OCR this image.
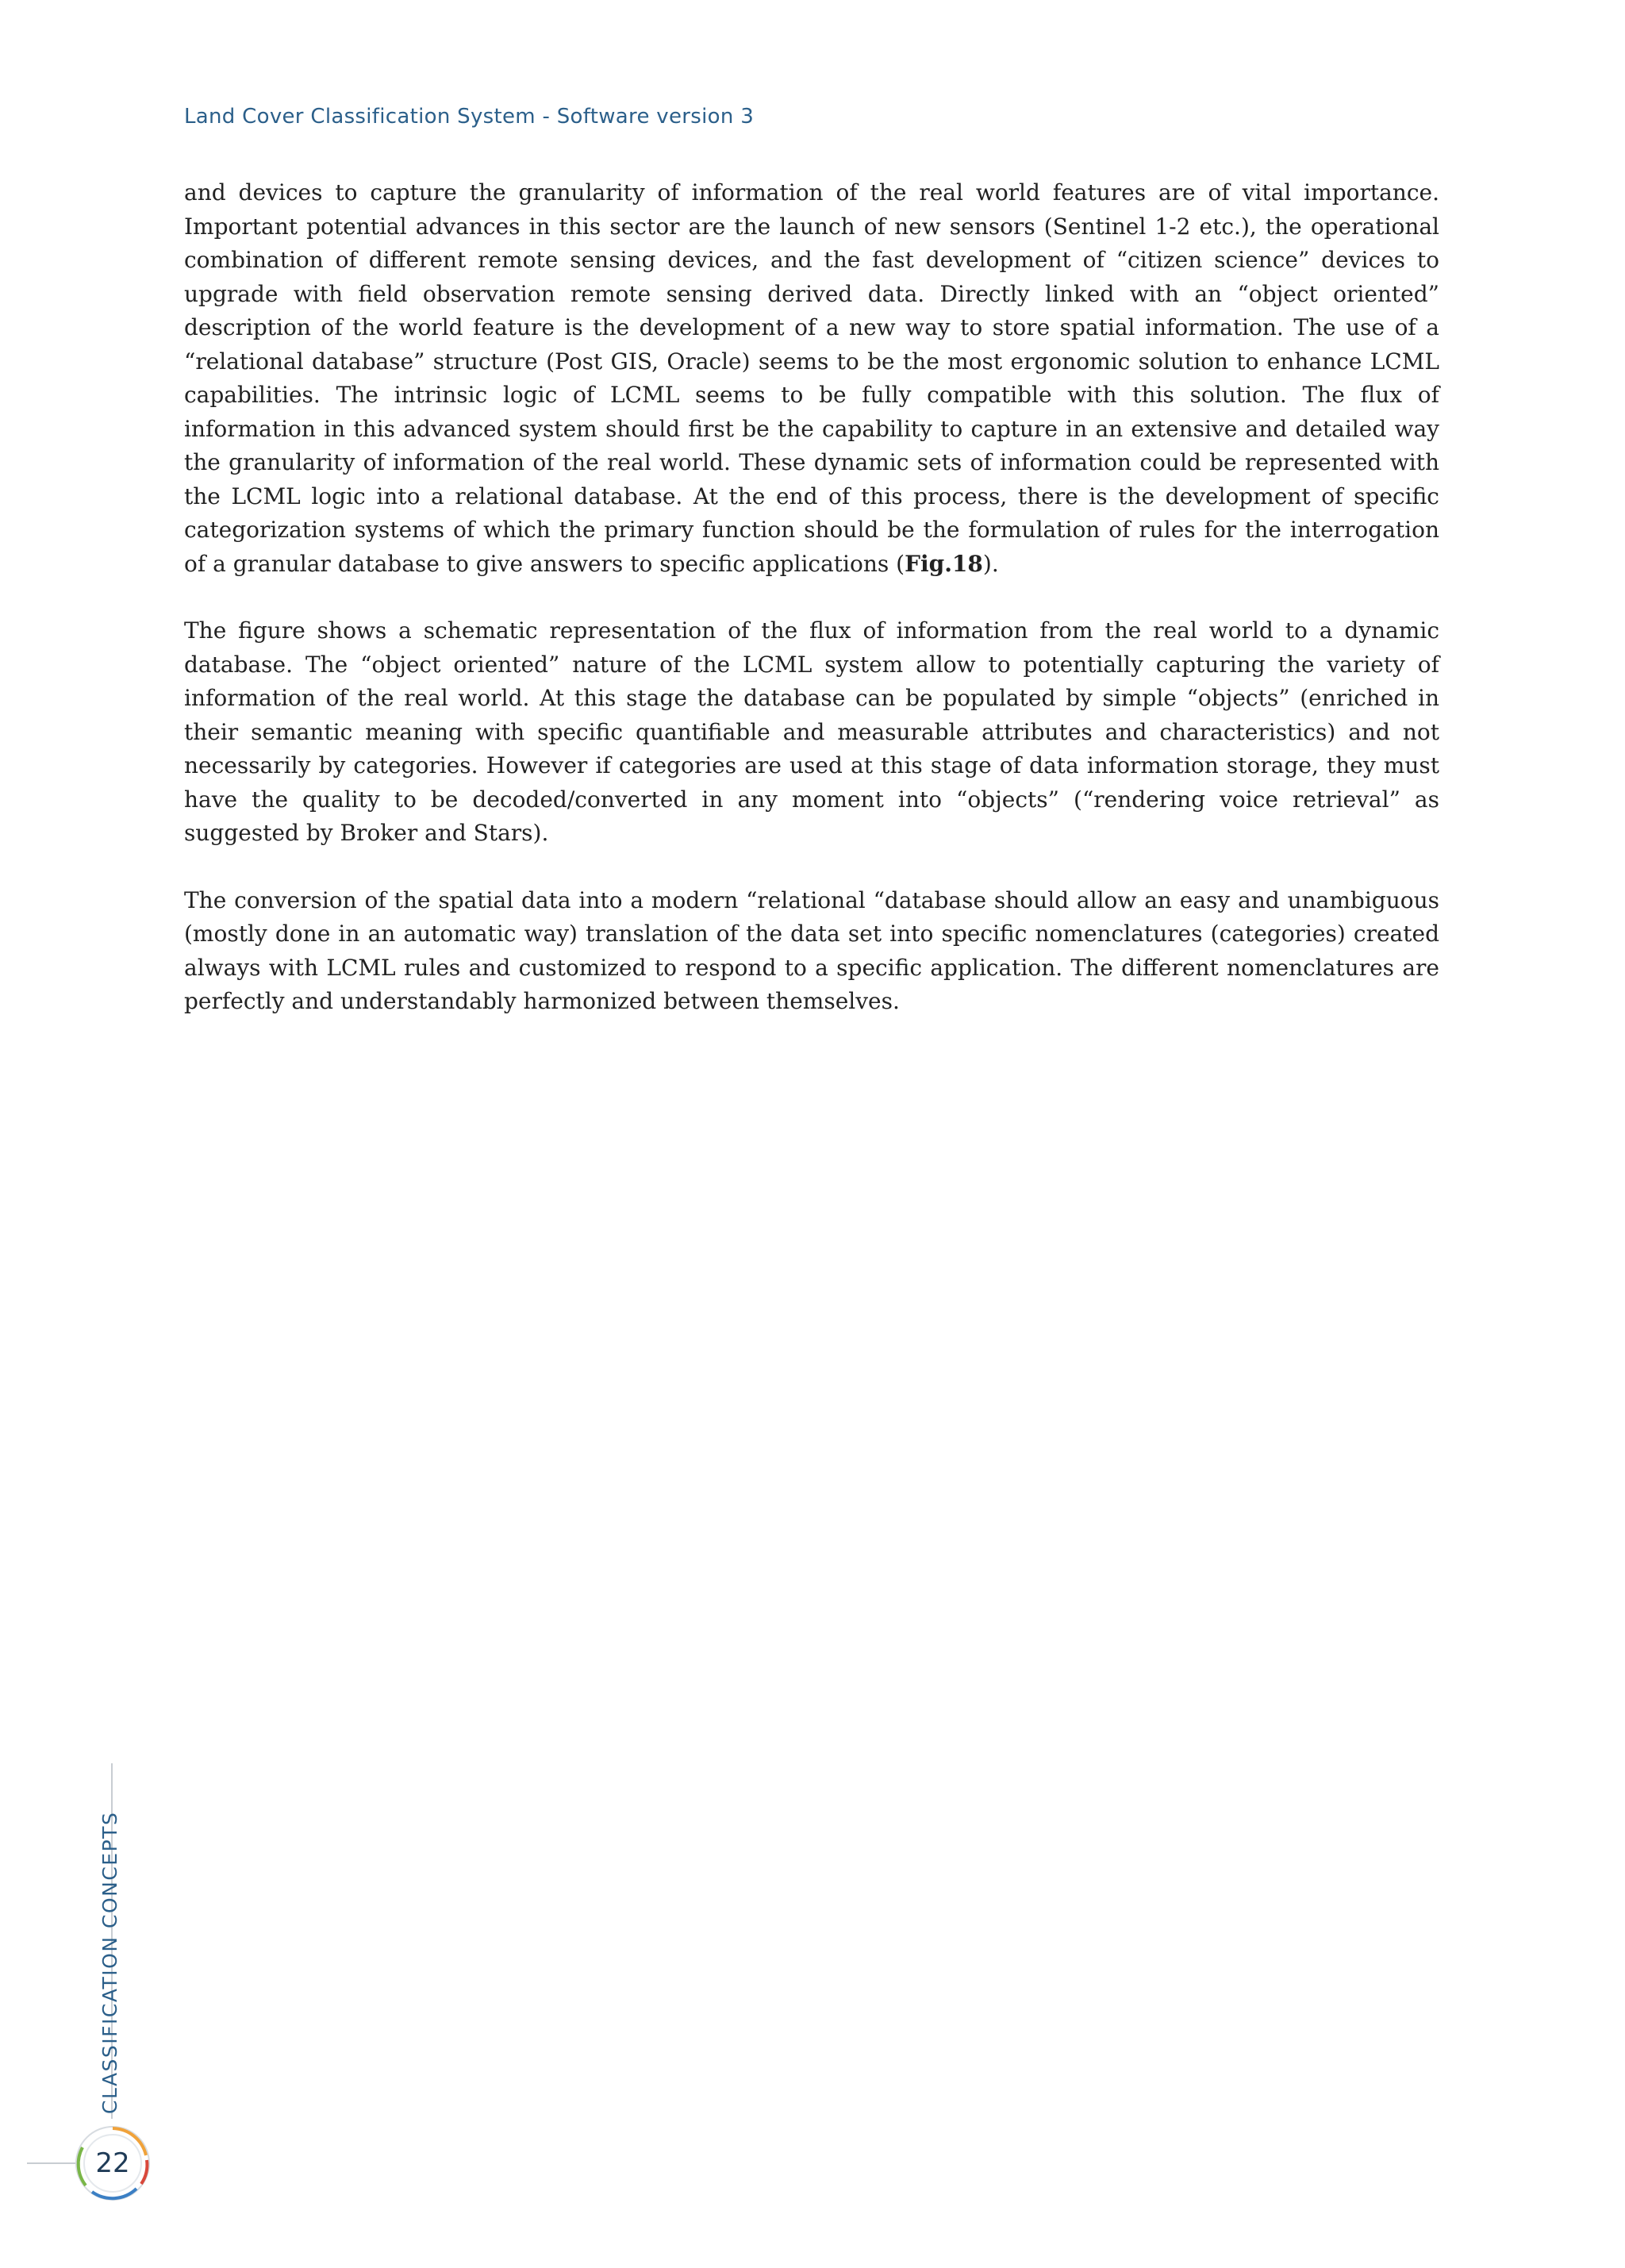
Land Cover Classification System - Software version 3

and devices to capture the granularity of information of the real world features are of vital importance. Important potential advances in this sector are the launch of new sensors (Sentinel 1-2 etc.), the operational combination of different remote sensing devices, and the fast development of “citizen science” devices to upgrade with field observation remote sensing derived data. Directly linked with an “object oriented” description of the world feature is the development of a new way to store spatial information. The use of a “relational database” structure (Post GIS, Oracle) seems to be the most ergonomic solution to enhance LCML capabilities. The intrinsic logic of LCML seems to be fully compatible with this solution. The flux of information in this advanced system should first be the capability to capture in an extensive and detailed way the granularity of information of the real world. These dynamic sets of information could be represented with the LCML logic into a relational database. At the end of this process, there is the development of specific categorization systems of which the primary function should be the formulation of rules for the interrogation of a granular database to give answers to specific applications (Fig.18).

The figure shows a schematic representation of the flux of information from the real world to a dynamic database. The “object oriented” nature of the LCML system allow to potentially capturing the variety of information of the real world. At this stage the database can be populated by simple “objects” (enriched in their semantic meaning with specific quantifiable and measurable attributes and characteristics) and not necessarily by categories. However if categories are used at this stage of data information storage, they must have the quality to be decoded/converted in any moment into “objects” (“rendering voice retrieval” as suggested by Broker and Stars).

The conversion of the spatial data into a modern “relational “database should allow an easy and unambiguous (mostly done in an automatic way) translation of the data set into specific nomenclatures (categories) created always with LCML rules and customized to respond to a specific application. The different nomenclatures are perfectly and understandably harmonized between themselves.

CLASSIFICATION CONCEPTS
22
